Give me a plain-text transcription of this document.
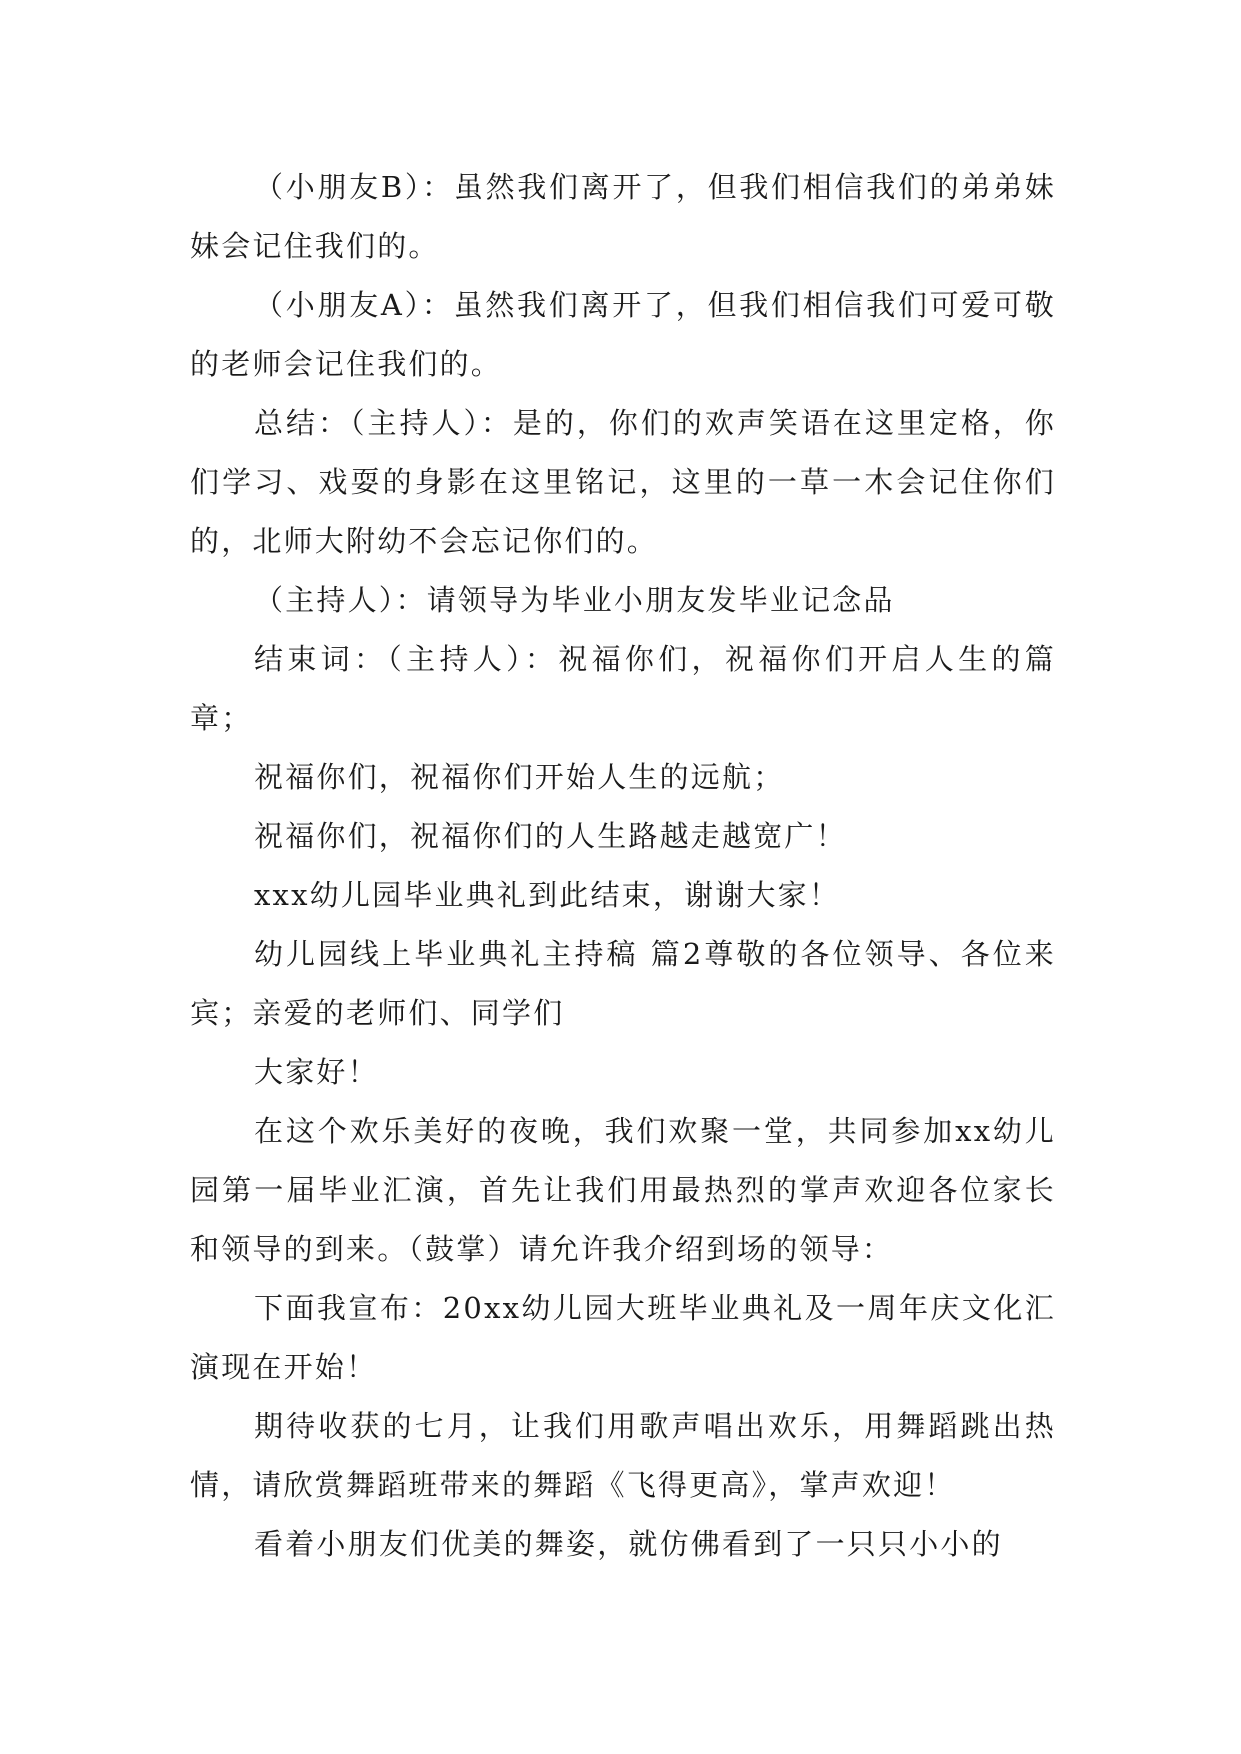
（小朋友B）：虽然我们离开了，但我们相信我们的弟弟妹妹会记住我们的。

（小朋友A）：虽然我们离开了，但我们相信我们可爱可敬的老师会记住我们的。

总结：（主持人）：是的，你们的欢声笑语在这里定格，你们学习、戏耍的身影在这里铭记，这里的一草一木会记住你们的，北师大附幼不会忘记你们的。

（主持人）：请领导为毕业小朋友发毕业记念品

结束词：（主持人）：祝福你们，祝福你们开启人生的篇章；

祝福你们，祝福你们开始人生的远航；

祝福你们，祝福你们的人生路越走越宽广！

xxx幼儿园毕业典礼到此结束，谢谢大家！

幼儿园线上毕业典礼主持稿 篇2尊敬的各位领导、各位来宾；亲爱的老师们、同学们

大家好！

在这个欢乐美好的夜晚，我们欢聚一堂，共同参加xx幼儿园第一届毕业汇演，首先让我们用最热烈的掌声欢迎各位家长和领导的到来。（鼓掌）请允许我介绍到场的领导：

下面我宣布：20xx幼儿园大班毕业典礼及一周年庆文化汇演现在开始！

期待收获的七月，让我们用歌声唱出欢乐，用舞蹈跳出热情，请欣赏舞蹈班带来的舞蹈《飞得更高》，掌声欢迎！

看着小朋友们优美的舞姿，就仿佛看到了一只只小小的
